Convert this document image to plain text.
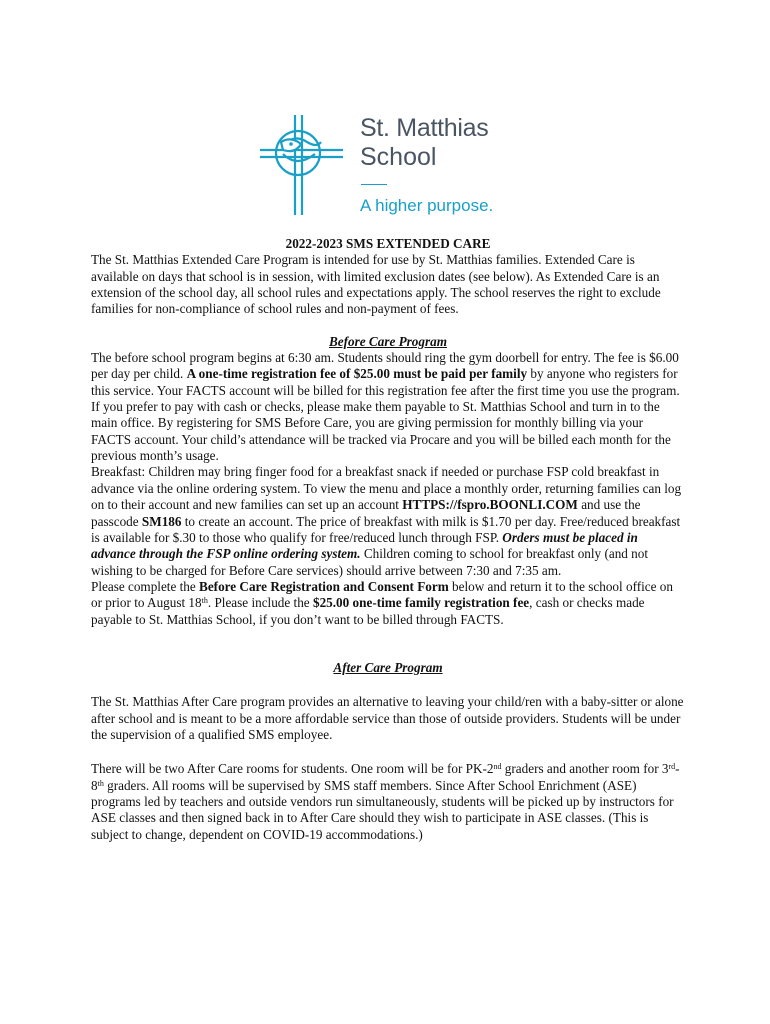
St. Matthias
School
A higher purpose.

2022-2023 SMS EXTENDED CARE

The St. Matthias Extended Care Program is intended for use by St. Matthias families. Extended Care is available on days that school is in session, with limited exclusion dates (see below). As Extended Care is an extension of the school day, all school rules and expectations apply. The school reserves the right to exclude families for non-compliance of school rules and non-payment of fees.

Before Care Program

The before school program begins at 6:30 am. Students should ring the gym doorbell for entry. The fee is $6.00 per day per child. A one-time registration fee of $25.00 must be paid per family by anyone who registers for this service. Your FACTS account will be billed for this registration fee after the first time you use the program. If you prefer to pay with cash or checks, please make them payable to St. Matthias School and turn in to the main office. By registering for SMS Before Care, you are giving permission for monthly billing via your FACTS account. Your child’s attendance will be tracked via Procare and you will be billed each month for the previous month’s usage.

Breakfast: Children may bring finger food for a breakfast snack if needed or purchase FSP cold breakfast in advance via the online ordering system. To view the menu and place a monthly order, returning families can log on to their account and new families can set up an account HTTPS://fspro.BOONLI.COM and use the passcode SM186 to create an account. The price of breakfast with milk is $1.70 per day. Free/reduced breakfast is available for $.30 to those who qualify for free/reduced lunch through FSP. Orders must be placed in advance through the FSP online ordering system. Children coming to school for breakfast only (and not wishing to be charged for Before Care services) should arrive between 7:30 and 7:35 am.

Please complete the Before Care Registration and Consent Form below and return it to the school office on or prior to August 18th. Please include the $25.00 one-time family registration fee, cash or checks made payable to St. Matthias School, if you don’t want to be billed through FACTS.

After Care Program

The St. Matthias After Care program provides an alternative to leaving your child/ren with a baby-sitter or alone after school and is meant to be a more affordable service than those of outside providers. Students will be under the supervision of a qualified SMS employee.

There will be two After Care rooms for students. One room will be for PK-2nd graders and another room for 3rd-8th graders. All rooms will be supervised by SMS staff members. Since After School Enrichment (ASE) programs led by teachers and outside vendors run simultaneously, students will be picked up by instructors for ASE classes and then signed back in to After Care should they wish to participate in ASE classes. (This is subject to change, dependent on COVID-19 accommodations.)
